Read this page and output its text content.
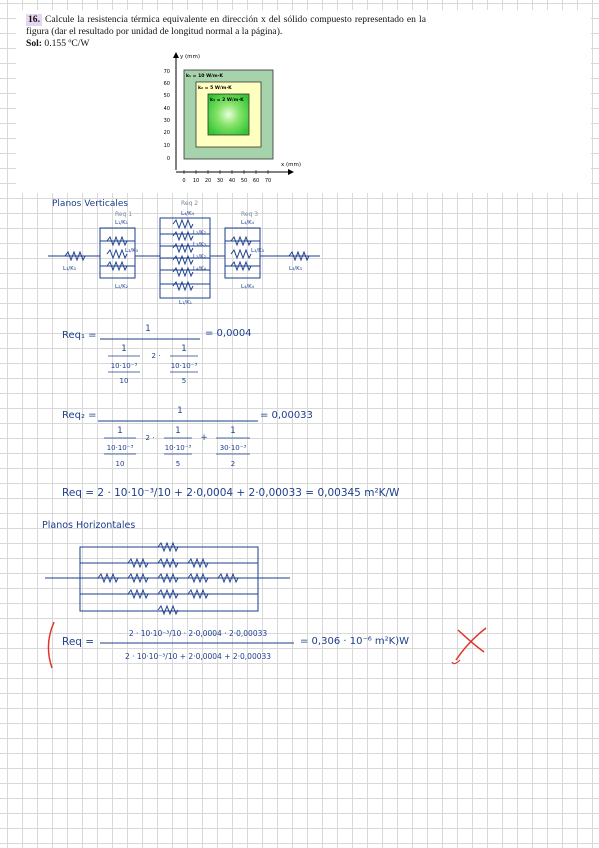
16. Calcule la resistencia térmica equivalente en dirección x del sólido compuesto representado en la figura (dar el resultado por unidad de longitud normal a la página).
Sol: 0.155 ºC/W
y (mm)
70
60
50
40
30
20
10
0
k₁ = 10 W/m·K
k₂ = 5 W/m·K
k₃ = 2 W/m·K
x (mm)
0 10 20 30 40 50 60 70
Planos Verticales
Req 1
Req 2
Req 3
L₁/K₁
L₄/K₄
L₄/K₄
L₃/K₃
L₂/K₂
L₃/K₃
L₂/K₂
L₄/K₄
L₃/K₃
L₃/K₃	L₃/K₃
L₂/K₂	L₄/K₄
L₁/K₁
Req₁ =
1
1
10·10⁻³
10
2 ·
1
10·10⁻³
5
= 0,0004
Req₂ =	1
1
10·10⁻³
10
2 ·
1
10·10⁻³
5
+
1
30·10⁻³
2
= 0,00033
Req = 2 · 10·10⁻³/10 + 2·0,0004 + 2·0,00033 = 0,00345 m²K/W
Planos Horizontales
Req =
2 · 10·10⁻³/10 · 2·0,0004 · 2·0,00033
2 · 10·10⁻³/10 + 2·0,0004 + 2·0,00033
= 0,306 · 10⁻⁶ m²K)W
